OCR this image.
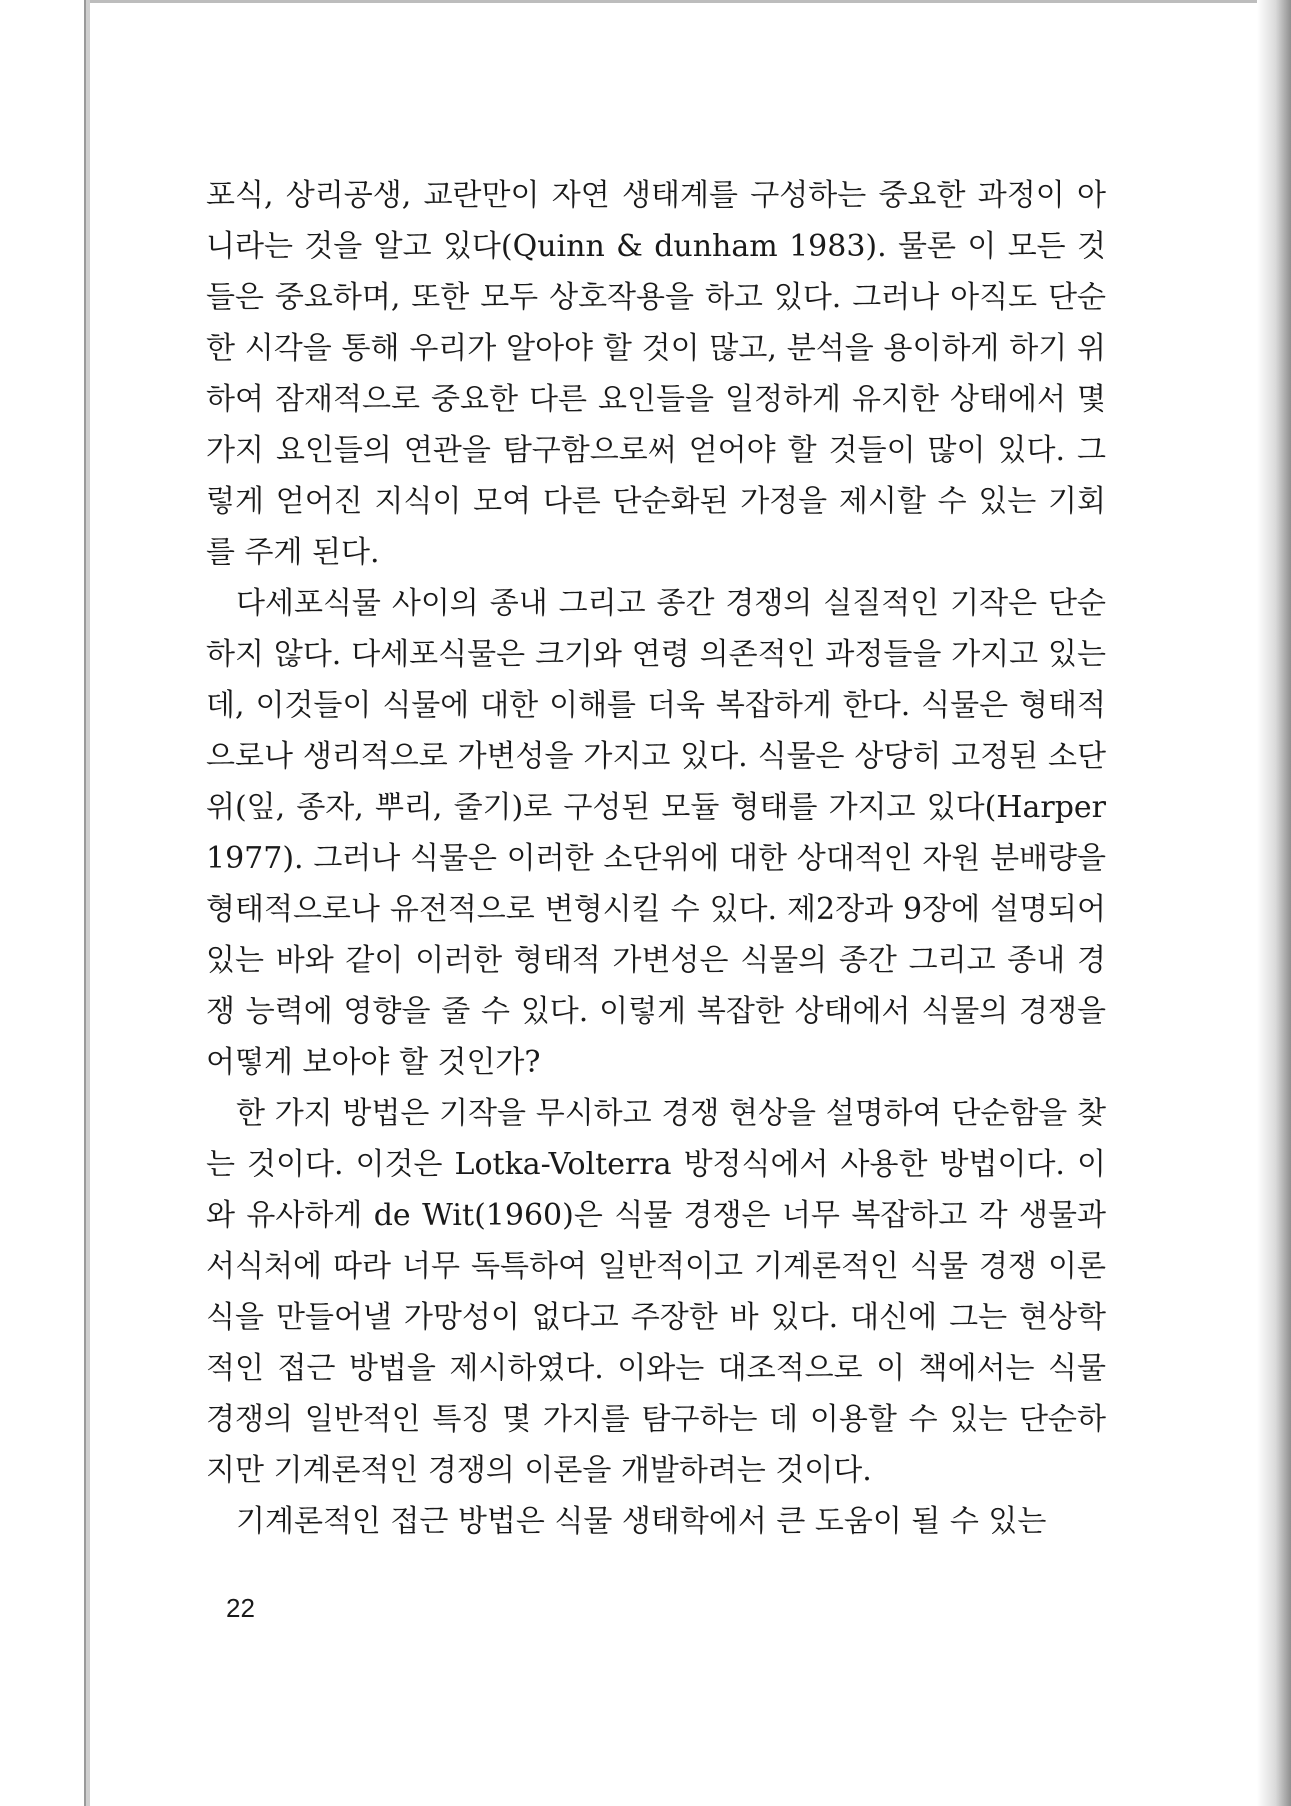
포식, 상리공생, 교란만이 자연 생태계를 구성하는 중요한 과정이 아니라는 것을 알고 있다(Quinn & dunham 1983). 물론 이 모든 것들은 중요하며, 또한 모두 상호작용을 하고 있다. 그러나 아직도 단순한 시각을 통해 우리가 알아야 할 것이 많고, 분석을 용이하게 하기 위하여 잠재적으로 중요한 다른 요인들을 일정하게 유지한 상태에서 몇 가지 요인들의 연관을 탐구함으로써 얻어야 할 것들이 많이 있다. 그렇게 얻어진 지식이 모여 다른 단순화된 가정을 제시할 수 있는 기회를 주게 된다.

다세포식물 사이의 종내 그리고 종간 경쟁의 실질적인 기작은 단순하지 않다. 다세포식물은 크기와 연령 의존적인 과정들을 가지고 있는데, 이것들이 식물에 대한 이해를 더욱 복잡하게 한다. 식물은 형태적으로나 생리적으로 가변성을 가지고 있다. 식물은 상당히 고정된 소단위(잎, 종자, 뿌리, 줄기)로 구성된 모듈 형태를 가지고 있다(Harper 1977). 그러나 식물은 이러한 소단위에 대한 상대적인 자원 분배량을 형태적으로나 유전적으로 변형시킬 수 있다. 제2장과 9장에 설명되어 있는 바와 같이 이러한 형태적 가변성은 식물의 종간 그리고 종내 경쟁 능력에 영향을 줄 수 있다. 이렇게 복잡한 상태에서 식물의 경쟁을 어떻게 보아야 할 것인가?

한 가지 방법은 기작을 무시하고 경쟁 현상을 설명하여 단순함을 찾는 것이다. 이것은 Lotka-Volterra 방정식에서 사용한 방법이다. 이와 유사하게 de Wit(1960)은 식물 경쟁은 너무 복잡하고 각 생물과 서식처에 따라 너무 독특하여 일반적이고 기계론적인 식물 경쟁 이론식을 만들어낼 가망성이 없다고 주장한 바 있다. 대신에 그는 현상학적인 접근 방법을 제시하였다. 이와는 대조적으로 이 책에서는 식물 경쟁의 일반적인 특징 몇 가지를 탐구하는 데 이용할 수 있는 단순하지만 기계론적인 경쟁의 이론을 개발하려는 것이다.

기계론적인 접근 방법은 식물 생태학에서 큰 도움이 될 수 있는

22
